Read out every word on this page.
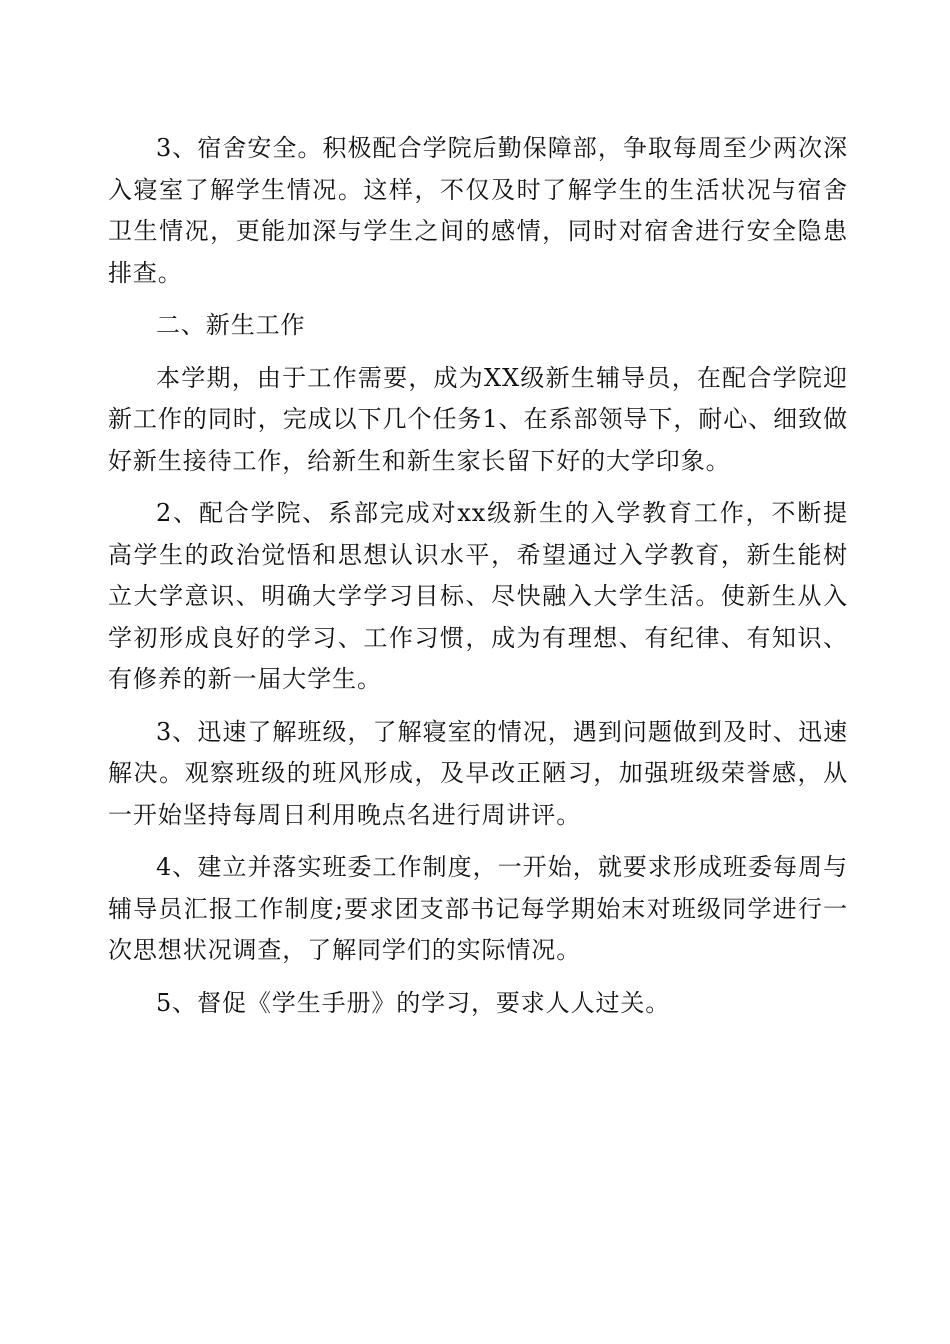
3、宿舍安全。积极配合学院后勤保障部，争取每周至少两次深入寝室了解学生情况。这样，不仅及时了解学生的生活状况与宿舍卫生情况，更能加深与学生之间的感情，同时对宿舍进行安全隐患排查。

二、新生工作

本学期，由于工作需要，成为XX级新生辅导员，在配合学院迎新工作的同时，完成以下几个任务1、在系部领导下，耐心、细致做好新生接待工作，给新生和新生家长留下好的大学印象。

2、配合学院、系部完成对xx级新生的入学教育工作，不断提高学生的政治觉悟和思想认识水平，希望通过入学教育，新生能树立大学意识、明确大学学习目标、尽快融入大学生活。使新生从入学初形成良好的学习、工作习惯，成为有理想、有纪律、有知识、有修养的新一届大学生。

3、迅速了解班级，了解寝室的情况，遇到问题做到及时、迅速解决。观察班级的班风形成，及早改正陋习，加强班级荣誉感，从一开始坚持每周日利用晚点名进行周讲评。

4、建立并落实班委工作制度，一开始，就要求形成班委每周与辅导员汇报工作制度;要求团支部书记每学期始末对班级同学进行一次思想状况调查，了解同学们的实际情况。

5、督促《学生手册》的学习，要求人人过关。
